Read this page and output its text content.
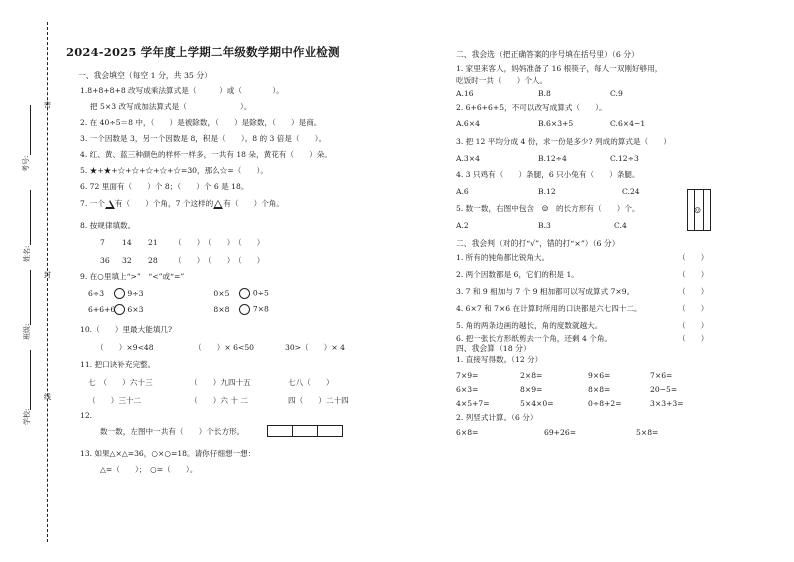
密
封
线
考号:
姓名:
班级:
学校:
2024-2025 学年度上学期二年级数学期中作业检测
一、我会填空（每空 1 分，共 35 分）
1.8+8+8+8 改写成乘法算式是（　　　）或（　　　　）。
把 5×3 改写成加法算式是（　　　　　　　）。
2. 在 40÷5＝8 中，（　　）是被除数，（　　）是除数，（　　）是商。
3. 一个因数是 3，另一个因数是 8，积是（　　）。8 的 3 倍是（　　）。
4. 红、黄、蓝三种颜色的样杯一样多，一共有 18 朵，黄花有（　　）朵。
5. ★+★+☆+☆+☆+☆+☆=30，那么☆=（　　）。
6. 72 里面有（　　）个 8；（　　）个 6 是 18。
7. 一个 有（　　）个角，7 个这样的 有（　　）个角。
8. 按规律填数。
7 14 21 （　　）（　　）（　　）
36 32 28 （　　）（　　）（　　）
9. 在○里填上“>”　“<”或“=”
6÷3	9÷3	0×5	0÷5
6+6+6 6×3	8×8	7×8
10.（　　）里最大能填几?
（　　）×9<48	（　　）× 6<50	30>（　　）× 4
11. 把口诀补充完整。
七　（　　）六十三	（　　）九四十五	七八（　　）
（　　）三十二	（　　）六 十 二	四（　　）二十四
12.
数一数，左图中一共有（　　）个长方形。
13. 如果△×△=36，○×○=18。请你仔细想一想：
△=（　　）；　○=（　　）。
二、我会选（把正确答案的序号填在括号里）（6 分）
1. 家里来客人，妈妈准备了 16 根筷子，每人一双刚好够用，
吃饭时一共（　　）个人。
A.16	B.8	C.9
2. 6+6+6+5，不可以改写成算式（　　）。
A.6×4	B.6×3+5	C.6×4−1
3. 把 12 平均分成 4 份，求一份是多少? 列成的算式是（　　）
A.3×4	B.12÷4	C.12÷3
4. 3 只鸡有（　　）条腿，6 只小兔有（　　）条腿。
A.6	B.12	C.24
5. 数一数，右图中包含　☺　的长方形有（　　）个。
A.2	B.3	C.4
☺
二、我会判（对的打“√”，错的打“×”）（6 分）
1. 所有的钝角都比锐角大。	（　　）
2. 两个因数都是 6，它们的积是 1。	（　　）
3. 7 和 9 相加与 7 个 9 相加都可以写成算式 7×9。	（　　）
4. 6×7 和 7×6 在计算时所用的口诀都是六七四十二。	（　　）
5. 角的两条边画的越长，角的度数就越大。	（　　）
6. 把一张长方形纸剪去一个角，还剩 4 个角。	（　　）
四、我会算（18 分）
1. 直接写得数。（12 分）
7×9=	2×8=	9×6=	7×6=
6×3=	8×9=	8×8=	20−5=
4×5+7=	5×4×0=	0÷8+2=	3×3+3=
2. 列竖式计算。（6 分）
6×8=	69+26=	5×8=
